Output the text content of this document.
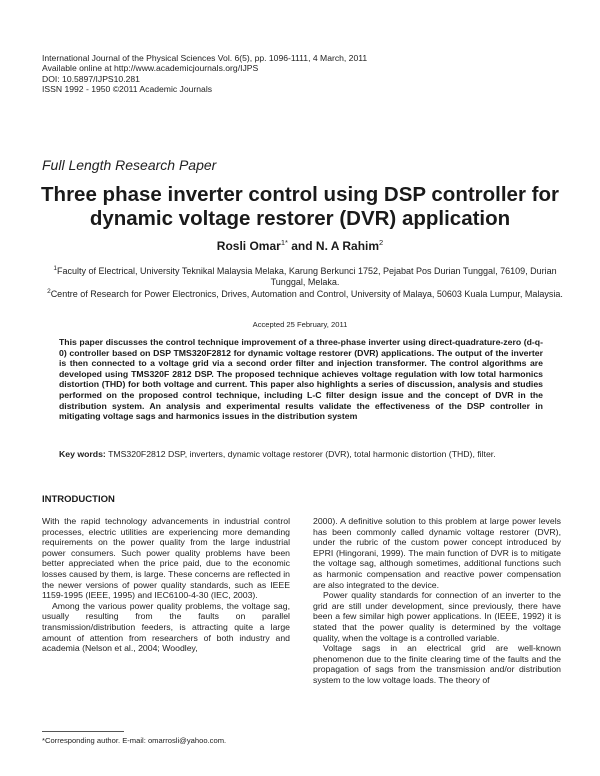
International Journal of the Physical Sciences Vol. 6(5), pp. 1096-1111, 4 March, 2011
Available online at http://www.academicjournals.org/IJPS
DOI: 10.5897/IJPS10.281
ISSN 1992 - 1950 ©2011 Academic Journals
Full Length Research Paper
Three phase inverter control using DSP controller for dynamic voltage restorer (DVR) application
Rosli Omar$^{1*}$ and N. A Rahim$^2$
$^1$Faculty of Electrical, University Teknikal Malaysia Melaka, Karung Berkunci 1752, Pejabat Pos Durian Tunggal, 76109, Durian Tunggal, Melaka.
$^2$Centre of Research for Power Electronics, Drives, Automation and Control, University of Malaya, 50603 Kuala Lumpur, Malaysia.
Accepted 25 February, 2011
This paper discusses the control technique improvement of a three-phase inverter using direct-quadrature-zero (d-q-0) controller based on DSP TMS320F2812 for dynamic voltage restorer (DVR) applications. The output of the inverter is then connected to a voltage grid via a second order filter and injection transformer. The control algorithms are developed using TMS320F 2812 DSP. The proposed technique achieves voltage regulation with low total harmonics distortion (THD) for both voltage and current. This paper also highlights a series of discussion, analysis and studies performed on the proposed control technique, including L-C filter design issue and the concept of DVR in the distribution system. An analysis and experimental results validate the effectiveness of the DSP controller in mitigating voltage sags and harmonics issues in the distribution system
Key words: TMS320F2812 DSP, inverters, dynamic voltage restorer (DVR), total harmonic distortion (THD), filter.
INTRODUCTION

With the rapid technology advancements in industrial control processes, electric utilities are experiencing more demanding requirements on the power quality from the large industrial power consumers. Such power quality problems have been better appreciated when the price paid, due to the economic losses caused by them, is large. These concerns are reflected in the newer versions of power quality standards, such as IEEE 1159-1995 (IEEE, 1995) and IEC6100-4-30 (IEC, 2003).

Among the various power quality problems, the voltage sag, usually resulting from the faults on parallel transmission/distribution feeders, is attracting quite a large amount of attention from researchers of both industry and academia (Nelson et al., 2004; Woodley,

2000). A definitive solution to this problem at large power levels has been commonly called dynamic voltage restorer (DVR), under the rubric of the custom power concept introduced by EPRI (Hingorani, 1999). The main function of DVR is to mitigate the voltage sag, although sometimes, additional functions such as harmonic compensation and reactive power compensation are also integrated to the device.

Power quality standards for connection of an inverter to the grid are still under development, since previously, there have been a few similar high power applications. In (IEEE, 1992) it is stated that the power quality is determined by the voltage quality, when the voltage is a controlled variable.

Voltage sags in an electrical grid are well-known phenomenon due to the finite clearing time of the faults and the propagation of sags from the transmission and/or distribution system to the low voltage loads. The theory of

*Corresponding author. E-mail: omarrosli@yahoo.com.
